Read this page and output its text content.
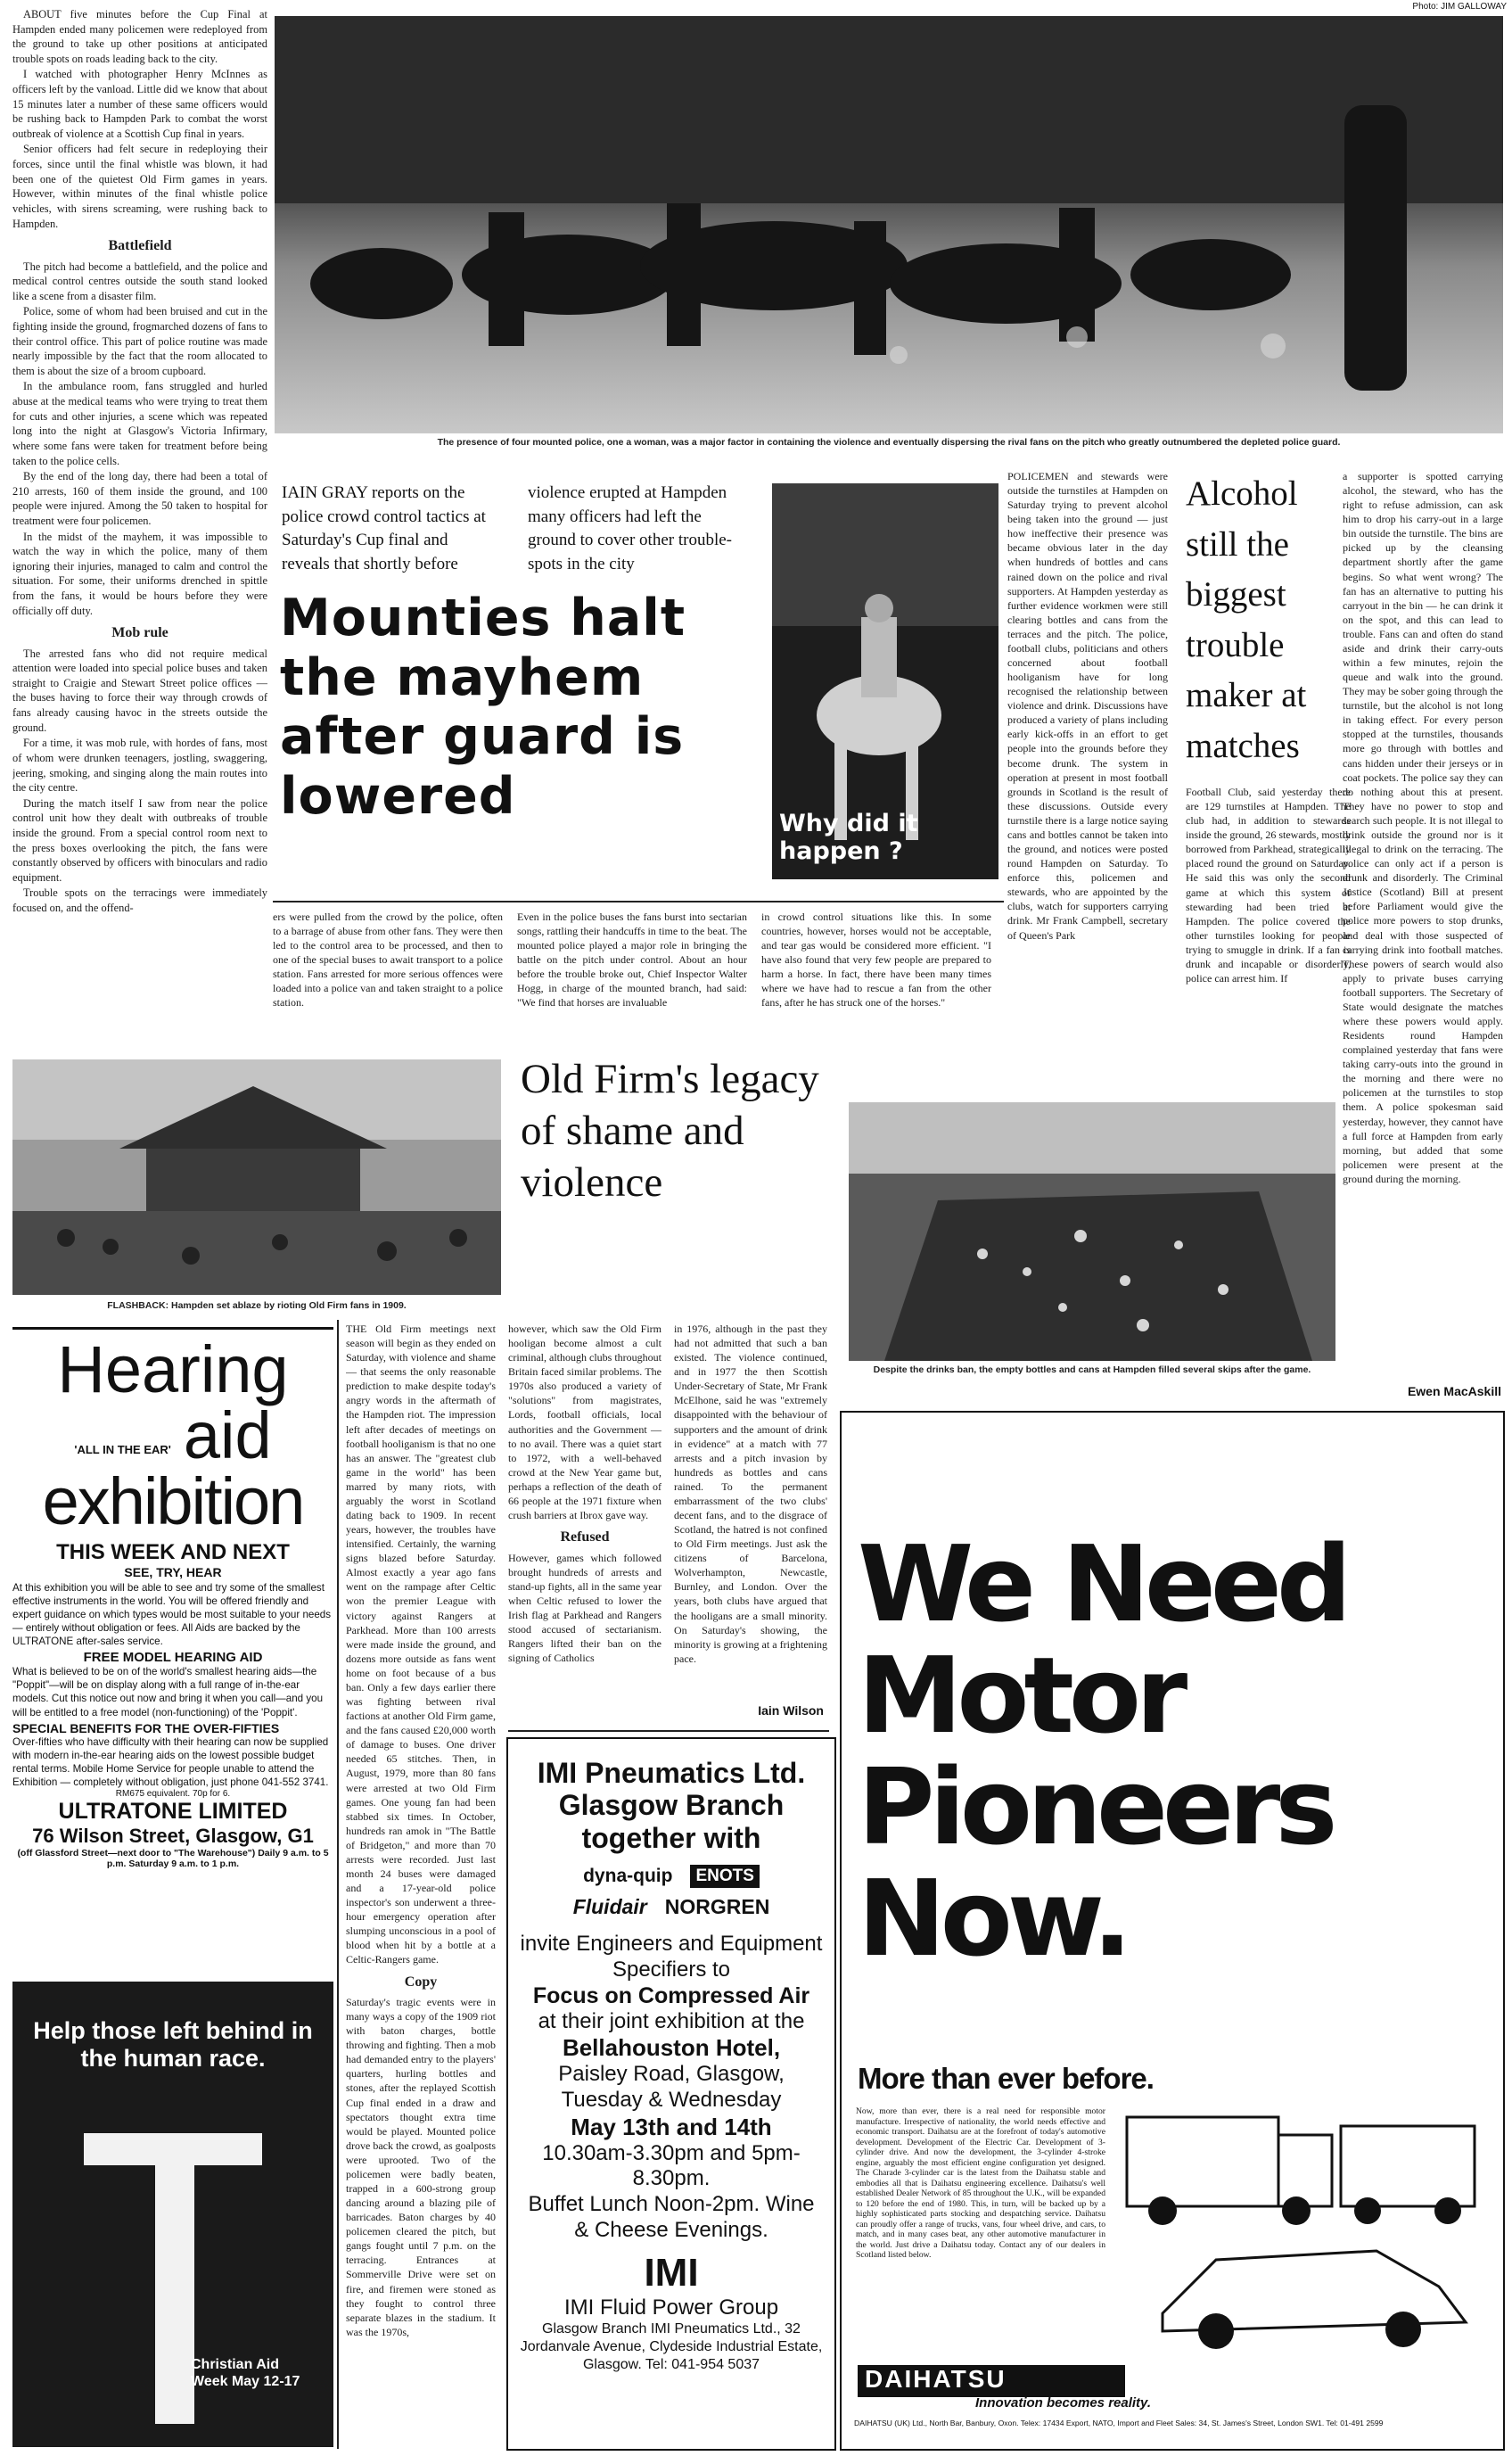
Photo: JIM GALLOWAY

ABOUT five minutes before the Cup Final at Hampden ended many policemen were redeployed from the ground to take up other positions at anticipated trouble spots on roads leading back to the city.

I watched with photographer Henry McInnes as officers left by the vanload. Little did we know that about 15 minutes later a number of these same officers would be rushing back to Hampden Park to combat the worst outbreak of violence at a Scottish Cup final in years.

Senior officers had felt secure in redeploying their forces, since until the final whistle was blown, it had been one of the quietest Old Firm games in years. However, within minutes of the final whistle police vehicles, with sirens screaming, were rushing back to Hampden.

Battlefield

The pitch had become a battlefield, and the police and medical control centres outside the south stand looked like a scene from a disaster film.

Police, some of whom had been bruised and cut in the fighting inside the ground, frogmarched dozens of fans to their control office. This part of police routine was made nearly impossible by the fact that the room allocated to them is about the size of a broom cupboard.

In the ambulance room, fans struggled and hurled abuse at the medical teams who were trying to treat them for cuts and other injuries, a scene which was repeated long into the night at Glasgow's Victoria Infirmary, where some fans were taken for treatment before being taken to the police cells.

By the end of the long day, there had been a total of 210 arrests, 160 of them inside the ground, and 100 people were injured. Among the 50 taken to hospital for treatment were four policemen.

In the midst of the mayhem, it was impossible to watch the way in which the police, many of them ignoring their injuries, managed to calm and control the situation. For some, their uniforms drenched in spittle from the fans, it would be hours before they were officially off duty.

Mob rule

The arrested fans who did not require medical attention were loaded into special police buses and taken straight to Craigie and Stewart Street police offices — the buses having to force their way through crowds of fans already causing havoc in the streets outside the ground.

For a time, it was mob rule, with hordes of fans, most of whom were drunken teenagers, jostling, swaggering, jeering, smoking, and singing along the main routes into the city centre.

During the match itself I saw from near the police control unit how they dealt with outbreaks of trouble inside the ground. From a special control room next to the press boxes overlooking the pitch, the fans were constantly observed by officers with binoculars and radio equipment.

Trouble spots on the terracings were immediately focused on, and the offend-

The presence of four mounted police, one a woman, was a major factor in containing the violence and eventually dispersing the rival fans on the pitch who greatly outnumbered the depleted police guard.
IAIN GRAY reports on the police crowd control tactics at Saturday's Cup final and reveals that shortly before
violence erupted at Hampden many officers had left the ground to cover other trouble-spots in the city
Mounties halt the mayhem after guard is lowered
ers were pulled from the crowd by the police, often to a barrage of abuse from other fans. They were then led to the control area to be processed, and then to one of the special buses to await transport to a police station. Fans arrested for more serious offences were loaded into a police van and taken straight to a police station.
Even in the police buses the fans burst into sectarian songs, rattling their handcuffs in time to the beat. The mounted police played a major role in bringing the battle on the pitch under control. About an hour before the trouble broke out, Chief Inspector Walter Hogg, in charge of the mounted branch, had said: "We find that horses are invaluable
in crowd control situations like this. In some countries, however, horses would not be acceptable, and tear gas would be considered more efficient. "I have also found that very few people are prepared to harm a horse. In fact, there have been many times where we have had to rescue a fan from the other fans, after he has struck one of the horses."
Why did it happen ?
POLICEMEN and stewards were outside the turnstiles at Hampden on Saturday trying to prevent alcohol being taken into the ground — just how ineffective their presence was became obvious later in the day when hundreds of bottles and cans rained down on the police and rival supporters. At Hampden yesterday as further evidence workmen were still clearing bottles and cans from the terraces and the pitch. The police, football clubs, politicians and others concerned about football hooliganism have for long recognised the relationship between violence and drink. Discussions have produced a variety of plans including early kick-offs in an effort to get people into the grounds before they become drunk. The system in operation at present in most football grounds in Scotland is the result of these discussions. Outside every turnstile there is a large notice saying cans and bottles cannot be taken into the ground, and notices were posted round Hampden on Saturday. To enforce this, policemen and stewards, who are appointed by the clubs, watch for supporters carrying drink. Mr Frank Campbell, secretary of Queen's Park
Alcohol still the biggest trouble maker at matches
Football Club, said yesterday there are 129 turnstiles at Hampden. The club had, in addition to stewards inside the ground, 26 stewards, mostly borrowed from Parkhead, strategically placed round the ground on Saturday. He said this was only the second game at which this system of stewarding had been tried at Hampden. The police covered the other turnstiles looking for people trying to smuggle in drink. If a fan is drunk and incapable or disorderly, police can arrest him. If
a supporter is spotted carrying alcohol, the steward, who has the right to refuse admission, can ask him to drop his carry-out in a large bin outside the turnstile. The bins are picked up by the cleansing department shortly after the game begins. So what went wrong? The fan has an alternative to putting his carryout in the bin — he can drink it on the spot, and this can lead to trouble. Fans can and often do stand aside and drink their carry-outs within a few minutes, rejoin the queue and walk into the ground. They may be sober going through the turnstile, but the alcohol is not long in taking effect. For every person stopped at the turnstiles, thousands more go through with bottles and cans hidden under their jerseys or in coat pockets. The police say they can do nothing about this at present. They have no power to stop and search such people. It is not illegal to drink outside the ground nor is it illegal to drink on the terracing. The police can only act if a person is drunk and disorderly. The Criminal Justice (Scotland) Bill at present before Parliament would give the police more powers to stop drunks, and deal with those suspected of carrying drink into football matches. These powers of search would also apply to private buses carrying football supporters. The Secretary of State would designate the matches where these powers would apply. Residents round Hampden complained yesterday that fans were taking carry-outs into the ground in the morning and there were no policemen at the turnstiles to stop them. A police spokesman said yesterday, however, they cannot have a full force at Hampden from early morning, but added that some policemen were present at the ground during the morning.
Ewen MacAskill
FLASHBACK: Hampden set ablaze by rioting Old Firm fans in 1909.
Old Firm's legacy of shame and violence
Despite the drinks ban, the empty bottles and cans at Hampden filled several skips after the game.
THE Old Firm meetings next season will begin as they ended on Saturday, with violence and shame — that seems the only reasonable prediction to make despite today's angry words in the aftermath of the Hampden riot. The impression left after decades of meetings on football hooliganism is that no one has an answer. The "greatest club game in the world" has been marred by many riots, with arguably the worst in Scotland dating back to 1909. In recent years, however, the troubles have intensified. Certainly, the warning signs blazed before Saturday. Almost exactly a year ago fans went on the rampage after Celtic won the premier League with victory against Rangers at Parkhead. More than 100 arrests were made inside the ground, and dozens more outside as fans went home on foot because of a bus ban. Only a few days earlier there was fighting between rival factions at another Old Firm game, and the fans caused £20,000 worth of damage to buses. One driver needed 65 stitches. Then, in August, 1979, more than 80 fans were arrested at two Old Firm games. One young fan had been stabbed six times. In October, hundreds ran amok in "The Battle of Bridgeton," and more than 70 arrests were recorded. Just last month 24 buses were damaged and a 17-year-old police inspector's son underwent a three-hour emergency operation after slumping unconscious in a pool of blood when hit by a bottle at a Celtic-Rangers game.
Copy
Saturday's tragic events were in many ways a copy of the 1909 riot with baton charges, bottle throwing and fighting. Then a mob had demanded entry to the players' quarters, hurling bottles and stones, after the replayed Scottish Cup final ended in a draw and spectators thought extra time would be played. Mounted police drove back the crowd, as goalposts were uprooted. Two of the policemen were badly beaten, trapped in a 600-strong group dancing around a blazing pile of barricades. Baton charges by 40 policemen cleared the pitch, but gangs fought until 7 p.m. on the terracing. Entrances at Sommerville Drive were set on fire, and firemen were stoned as they fought to control three separate blazes in the stadium. It was the 1970s,
however, which saw the Old Firm hooligan become almost a cult criminal, although clubs throughout Britain faced similar problems. The 1970s also produced a variety of "solutions" from magistrates, Lords, football officials, local authorities and the Government — to no avail. There was a quiet start to 1972, with a well-behaved crowd at the New Year game but, perhaps a reflection of the death of 66 people at the 1971 fixture when crush barriers at Ibrox gave way.
Refused
However, games which followed brought hundreds of arrests and stand-up fights, all in the same year when Celtic refused to lower the Irish flag at Parkhead and Rangers stood accused of sectarianism. Rangers lifted their ban on the signing of Catholics
in 1976, although in the past they had not admitted that such a ban existed. The violence continued, and in 1977 the then Scottish Under-Secretary of State, Mr Frank McElhone, said he was "extremely disappointed with the behaviour of supporters and the amount of drink in evidence" at a match with 77 arrests and a pitch invasion by hundreds as bottles and cans rained. To the permanent embarrassment of the two clubs' decent fans, and to the disgrace of Scotland, the hatred is not confined to Old Firm meetings. Just ask the citizens of Barcelona, Wolverhampton, Newcastle, Burnley, and London. Over the years, both clubs have argued that the hooligans are a small minority. On Saturday's showing, the minority is growing at a frightening pace.
Iain Wilson
Hearing
'ALL IN THE EAR' aid
exhibition
THIS WEEK AND NEXT
SEE, TRY, HEAR
At this exhibition you will be able to see and try some of the smallest effective instruments in the world. You will be offered friendly and expert guidance on which types would be most suitable to your needs — entirely without obligation or fees. All Aids are backed by the ULTRATONE after-sales service.
FREE MODEL HEARING AID
What is believed to be on of the world's smallest hearing aids—the "Poppit"—will be on display along with a full range of in-the-ear models. Cut this notice out now and bring it when you call—and you will be entitled to a free model (non-functioning) of the 'Poppit'.
SPECIAL BENEFITS FOR THE OVER-FIFTIES
Over-fifties who have difficulty with their hearing can now be supplied with modern in-the-ear hearing aids on the lowest possible budget rental terms. Mobile Home Service for people unable to attend the Exhibition — completely without obligation, just phone 041-552 3741.
RM675 equivalent. 70p for 6.
ULTRATONE LIMITED
76 Wilson Street, Glasgow, G1
(off Glassford Street—next door to "The Warehouse") Daily 9 a.m. to 5 p.m. Saturday 9 a.m. to 1 p.m.
Help those left behind in the human race.
Christian Aid Week May 12-17
IMI Pneumatics Ltd. Glasgow Branch together with
dyna-quip	ENOTS
Fluidair NORGREN
invite Engineers and Equipment Specifiers to
Focus on Compressed Air
at their joint exhibition at the
Bellahouston Hotel,
Paisley Road, Glasgow, Tuesday & Wednesday
May 13th and 14th
10.30am-3.30pm and 5pm-8.30pm.
Buffet Lunch Noon-2pm. Wine & Cheese Evenings.
IMI
IMI Fluid Power Group
Glasgow Branch IMI Pneumatics Ltd., 32 Jordanvale Avenue, Clydeside Industrial Estate, Glasgow. Tel: 041-954 5037
We Need Motor Pioneers Now.
More than ever before.
Now, more than ever, there is a real need for responsible motor manufacture. Irrespective of nationality, the world needs effective and economic transport. Daihatsu are at the forefront of today's automotive development. Development of the Electric Car. Development of 3-cylinder drive. And now the development, the 3-cylinder 4-stroke engine, arguably the most efficient engine configuration yet designed. The Charade 3-cylinder car is the latest from the Daihatsu stable and embodies all that is Daihatsu engineering excellence. Daihatsu's well established Dealer Network of 85 throughout the U.K., will be expanded to 120 before the end of 1980. This, in turn, will be backed up by a highly sophisticated parts stocking and despatching service. Daihatsu can proudly offer a range of trucks, vans, four wheel drive, and cars, to match, and in many cases beat, any other automotive manufacturer in the world. Just drive a Daihatsu today. Contact any of our dealers in Scotland listed below.
DAIHATSU
Innovation becomes reality.
DAIHATSU (UK) Ltd., North Bar, Banbury, Oxon. Telex: 17434 Export, NATO, Import and Fleet Sales: 34, St. James's Street, London SW1. Tel: 01-491 2599
